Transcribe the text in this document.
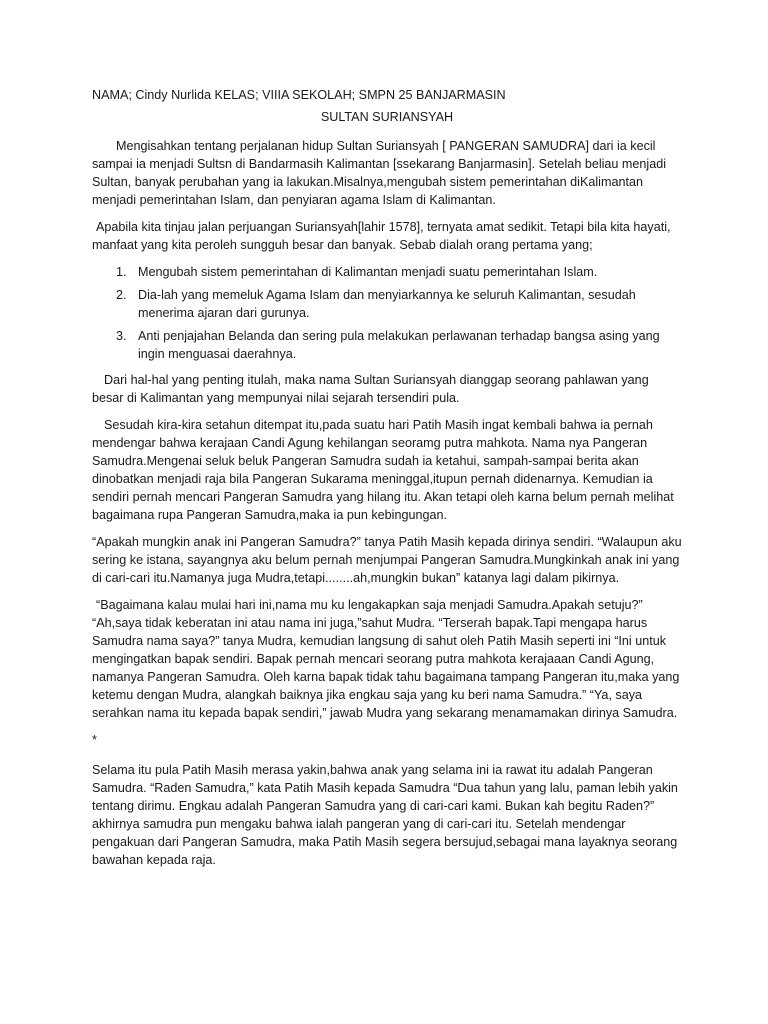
NAMA; Cindy Nurlida KELAS; VIIIA SEKOLAH; SMPN 25 BANJARMASIN

SULTAN SURIANSYAH

Mengisahkan tentang perjalanan hidup Sultan Suriansyah [ PANGERAN SAMUDRA] dari ia kecil sampai ia menjadi Sultsn di Bandarmasih Kalimantan [ssekarang Banjarmasin]. Setelah beliau menjadi Sultan, banyak perubahan yang ia lakukan.Misalnya,mengubah sistem pemerintahan diKalimantan menjadi pemerintahan Islam, dan penyiaran agama Islam di Kalimantan.

Apabila kita tinjau jalan perjuangan Suriansyah[lahir 1578], ternyata amat sedikit. Tetapi bila kita hayati, manfaat yang kita peroleh sungguh besar dan banyak. Sebab dialah orang pertama yang;

1. Mengubah sistem pemerintahan di Kalimantan menjadi suatu pemerintahan Islam.
2. Dia-lah yang memeluk Agama Islam dan menyiarkannya ke seluruh Kalimantan, sesudah menerima ajaran dari gurunya.
3. Anti penjajahan Belanda dan sering pula melakukan perlawanan terhadap bangsa asing yang ingin menguasai daerahnya.

Dari hal-hal yang penting itulah, maka nama Sultan Suriansyah dianggap seorang pahlawan yang besar di Kalimantan yang mempunyai nilai sejarah tersendiri pula.

Sesudah kira-kira setahun ditempat itu,pada suatu hari Patih Masih ingat kembali bahwa ia pernah mendengar bahwa kerajaan Candi Agung kehilangan seoramg putra mahkota. Nama nya Pangeran Samudra.Mengenai seluk beluk Pangeran Samudra sudah ia ketahui, sampah-sampai berita akan dinobatkan menjadi raja bila Pangeran Sukarama meninggal,itupun pernah didenarnya. Kemudian ia sendiri pernah mencari Pangeran Samudra yang hilang itu. Akan tetapi oleh karna belum pernah melihat bagaimana rupa Pangeran Samudra,maka ia pun kebingungan.

“Apakah mungkin anak ini Pangeran Samudra?” tanya Patih Masih kepada dirinya sendiri. “Walaupun aku sering ke istana, sayangnya aku belum pernah menjumpai Pangeran Samudra.Mungkinkah anak ini yang di cari-cari itu.Namanya juga Mudra,tetapi........ah,mungkin bukan” katanya lagi dalam pikirnya.

“Bagaimana kalau mulai hari ini,nama mu ku lengakapkan saja menjadi Samudra.Apakah setuju?” “Ah,saya tidak keberatan ini atau nama ini juga,”sahut Mudra. “Terserah bapak.Tapi mengapa harus Samudra nama saya?” tanya Mudra, kemudian langsung di sahut oleh Patih Masih seperti ini “Ini untuk mengingatkan bapak sendiri. Bapak pernah mencari seorang putra mahkota kerajaaan Candi Agung, namanya Pangeran Samudra. Oleh karna bapak tidak tahu bagaimana tampang Pangeran itu,maka yang ketemu dengan Mudra, alangkah baiknya jika engkau saja yang ku beri nama Samudra.” “Ya, saya serahkan nama itu kepada bapak sendiri,” jawab Mudra yang sekarang menamamakan dirinya Samudra.

*

Selama itu pula Patih Masih merasa yakin,bahwa anak yang selama ini ia rawat itu adalah Pangeran Samudra. “Raden Samudra,” kata Patih Masih kepada Samudra “Dua tahun yang lalu, paman lebih yakin tentang dirimu. Engkau adalah Pangeran Samudra yang di cari-cari kami. Bukan kah begitu Raden?” akhirnya samudra pun mengaku bahwa ialah pangeran yang di cari-cari itu. Setelah mendengar pengakuan dari Pangeran Samudra, maka Patih Masih segera bersujud,sebagai mana layaknya seorang bawahan kepada raja.
